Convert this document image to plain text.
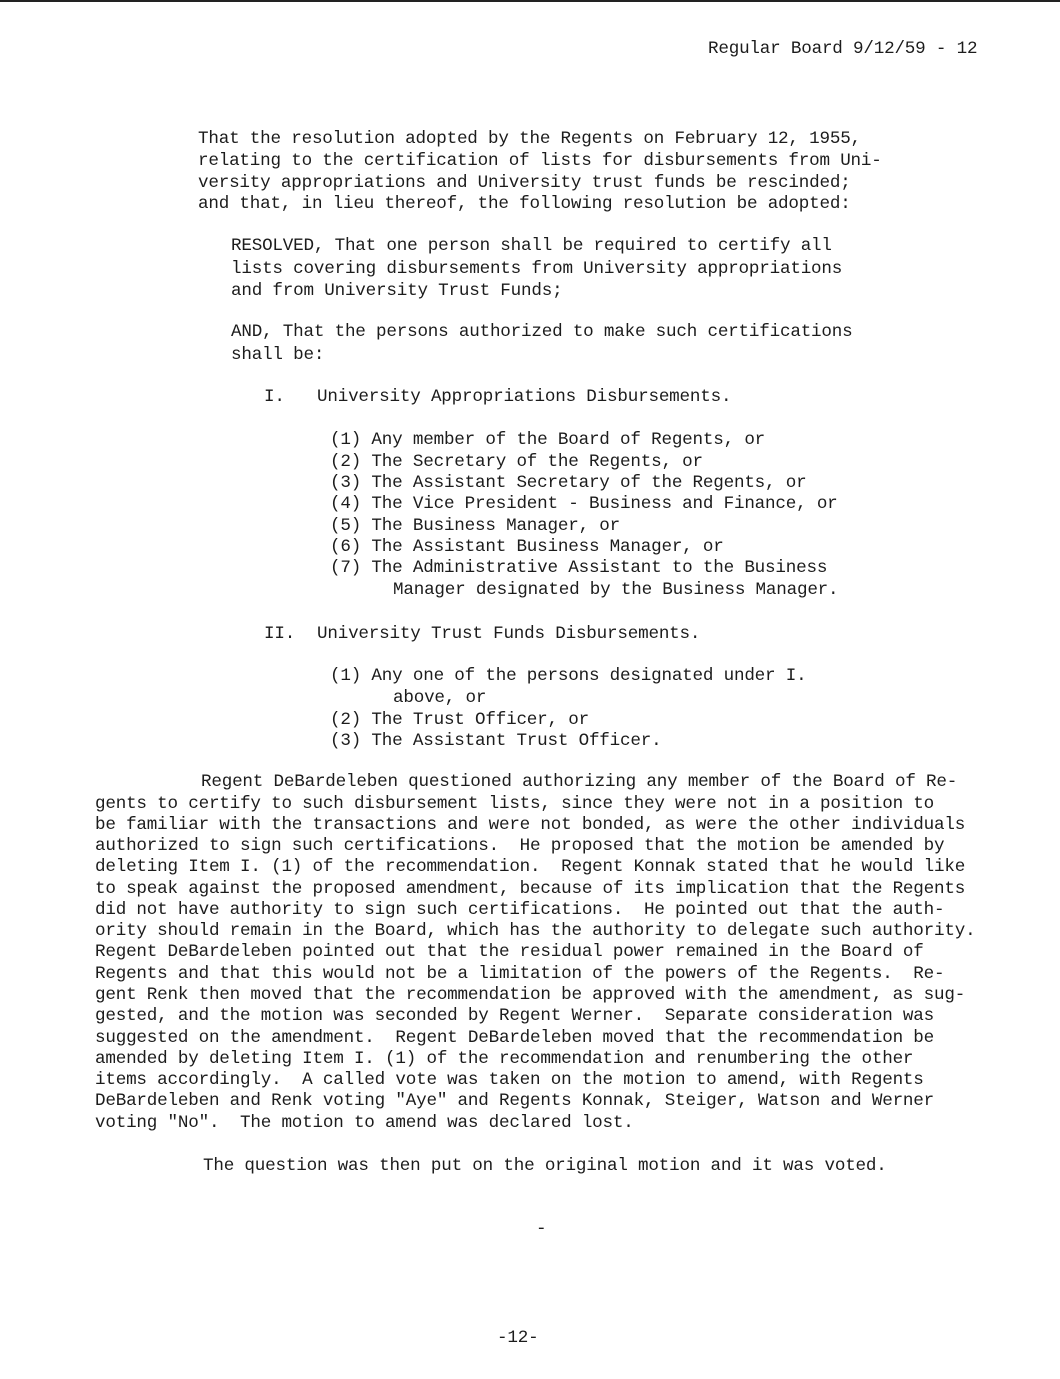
Regular Board 9/12/59 - 12
That the resolution adopted by the Regents on February 12, 1955,
relating to the certification of lists for disbursements from Uni-
versity appropriations and University trust funds be rescinded;
and that, in lieu thereof, the following resolution be adopted:
RESOLVED, That one person shall be required to certify all
lists covering disbursements from University appropriations
and from University Trust Funds;
AND, That the persons authorized to make such certifications
shall be:
I. University Appropriations Disbursements.
(1) Any member of the Board of Regents, or
(2) The Secretary of the Regents, or
(3) The Assistant Secretary of the Regents, or
(4) The Vice President - Business and Finance, or
(5) The Business Manager, or
(6) The Assistant Business Manager, or
(7) The Administrative Assistant to the Business
Manager designated by the Business Manager.
II. University Trust Funds Disbursements.
(1) Any one of the persons designated under I.
above, or
(2) The Trust Officer, or
(3) The Assistant Trust Officer.
Regent DeBardeleben questioned authorizing any member of the Board of Re-
gents to certify to such disbursement lists, since they were not in a position to
be familiar with the transactions and were not bonded, as were the other individuals
authorized to sign such certifications.  He proposed that the motion be amended by
deleting Item I. (1) of the recommendation.  Regent Konnak stated that he would like
to speak against the proposed amendment, because of its implication that the Regents
did not have authority to sign such certifications.  He pointed out that the auth-
ority should remain in the Board, which has the authority to delegate such authority.
Regent DeBardeleben pointed out that the residual power remained in the Board of
Regents and that this would not be a limitation of the powers of the Regents.  Re-
gent Renk then moved that the recommendation be approved with the amendment, as sug-
gested, and the motion was seconded by Regent Werner.  Separate consideration was
suggested on the amendment.  Regent DeBardeleben moved that the recommendation be
amended by deleting Item I. (1) of the recommendation and renumbering the other
items accordingly.  A called vote was taken on the motion to amend, with Regents
DeBardeleben and Renk voting "Aye" and Regents Konnak, Steiger, Watson and Werner
voting "No".  The motion to amend was declared lost.
The question was then put on the original motion and it was voted.
-
-12-
